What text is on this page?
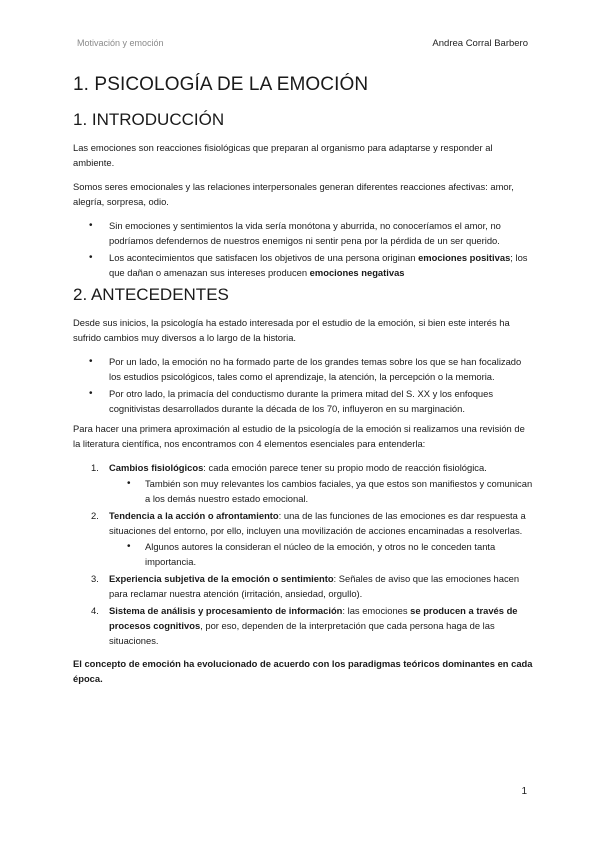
Motivación y emoción	Andrea Corral Barbero
1. PSICOLOGÍA DE LA EMOCIÓN
1. INTRODUCCIÓN

Las emociones son reacciones fisiológicas que preparan al organismo para adaptarse y responder al ambiente.

Somos seres emocionales y las relaciones interpersonales generan diferentes reacciones afectivas: amor, alegría, sorpresa, odio.

• Sin emociones y sentimientos la vida sería monótona y aburrida, no conoceríamos el amor, no podríamos defendernos de nuestros enemigos ni sentir pena por la pérdida de un ser querido.
• Los acontecimientos que satisfacen los objetivos de una persona originan emociones positivas; los que dañan o amenazan sus intereses producen emociones negativas
2. ANTECEDENTES

Desde sus inicios, la psicología ha estado interesada por el estudio de la emoción, si bien este interés ha sufrido cambios muy diversos a lo largo de la historia.

• Por un lado, la emoción no ha formado parte de los grandes temas sobre los que se han focalizado los estudios psicológicos, tales como el aprendizaje, la atención, la percepción o la memoria.
• Por otro lado, la primacía del conductismo durante la primera mitad del S. XX y los enfoques cognitivistas desarrollados durante la década de los 70, influyeron en su marginación.

Para hacer una primera aproximación al estudio de la psicología de la emoción si realizamos una revisión de la literatura científica, nos encontramos con 4 elementos esenciales para entenderla:

1. Cambios fisiológicos: cada emoción parece tener su propio modo de reacción fisiológica.
• También son muy relevantes los cambios faciales, ya que estos son manifiestos y comunican a los demás nuestro estado emocional.
2. Tendencia a la acción o afrontamiento: una de las funciones de las emociones es dar respuesta a situaciones del entorno, por ello, incluyen una movilización de acciones encaminadas a resolverlas.
• Algunos autores la consideran el núcleo de la emoción, y otros no le conceden tanta importancia.
3. Experiencia subjetiva de la emoción o sentimiento: Señales de aviso que las emociones hacen para reclamar nuestra atención (irritación, ansiedad, orgullo).
4. Sistema de análisis y procesamiento de información: las emociones se producen a través de procesos cognitivos, por eso, dependen de la interpretación que cada persona haga de las situaciones.

El concepto de emoción ha evolucionado de acuerdo con los paradigmas teóricos dominantes en cada época.

1
